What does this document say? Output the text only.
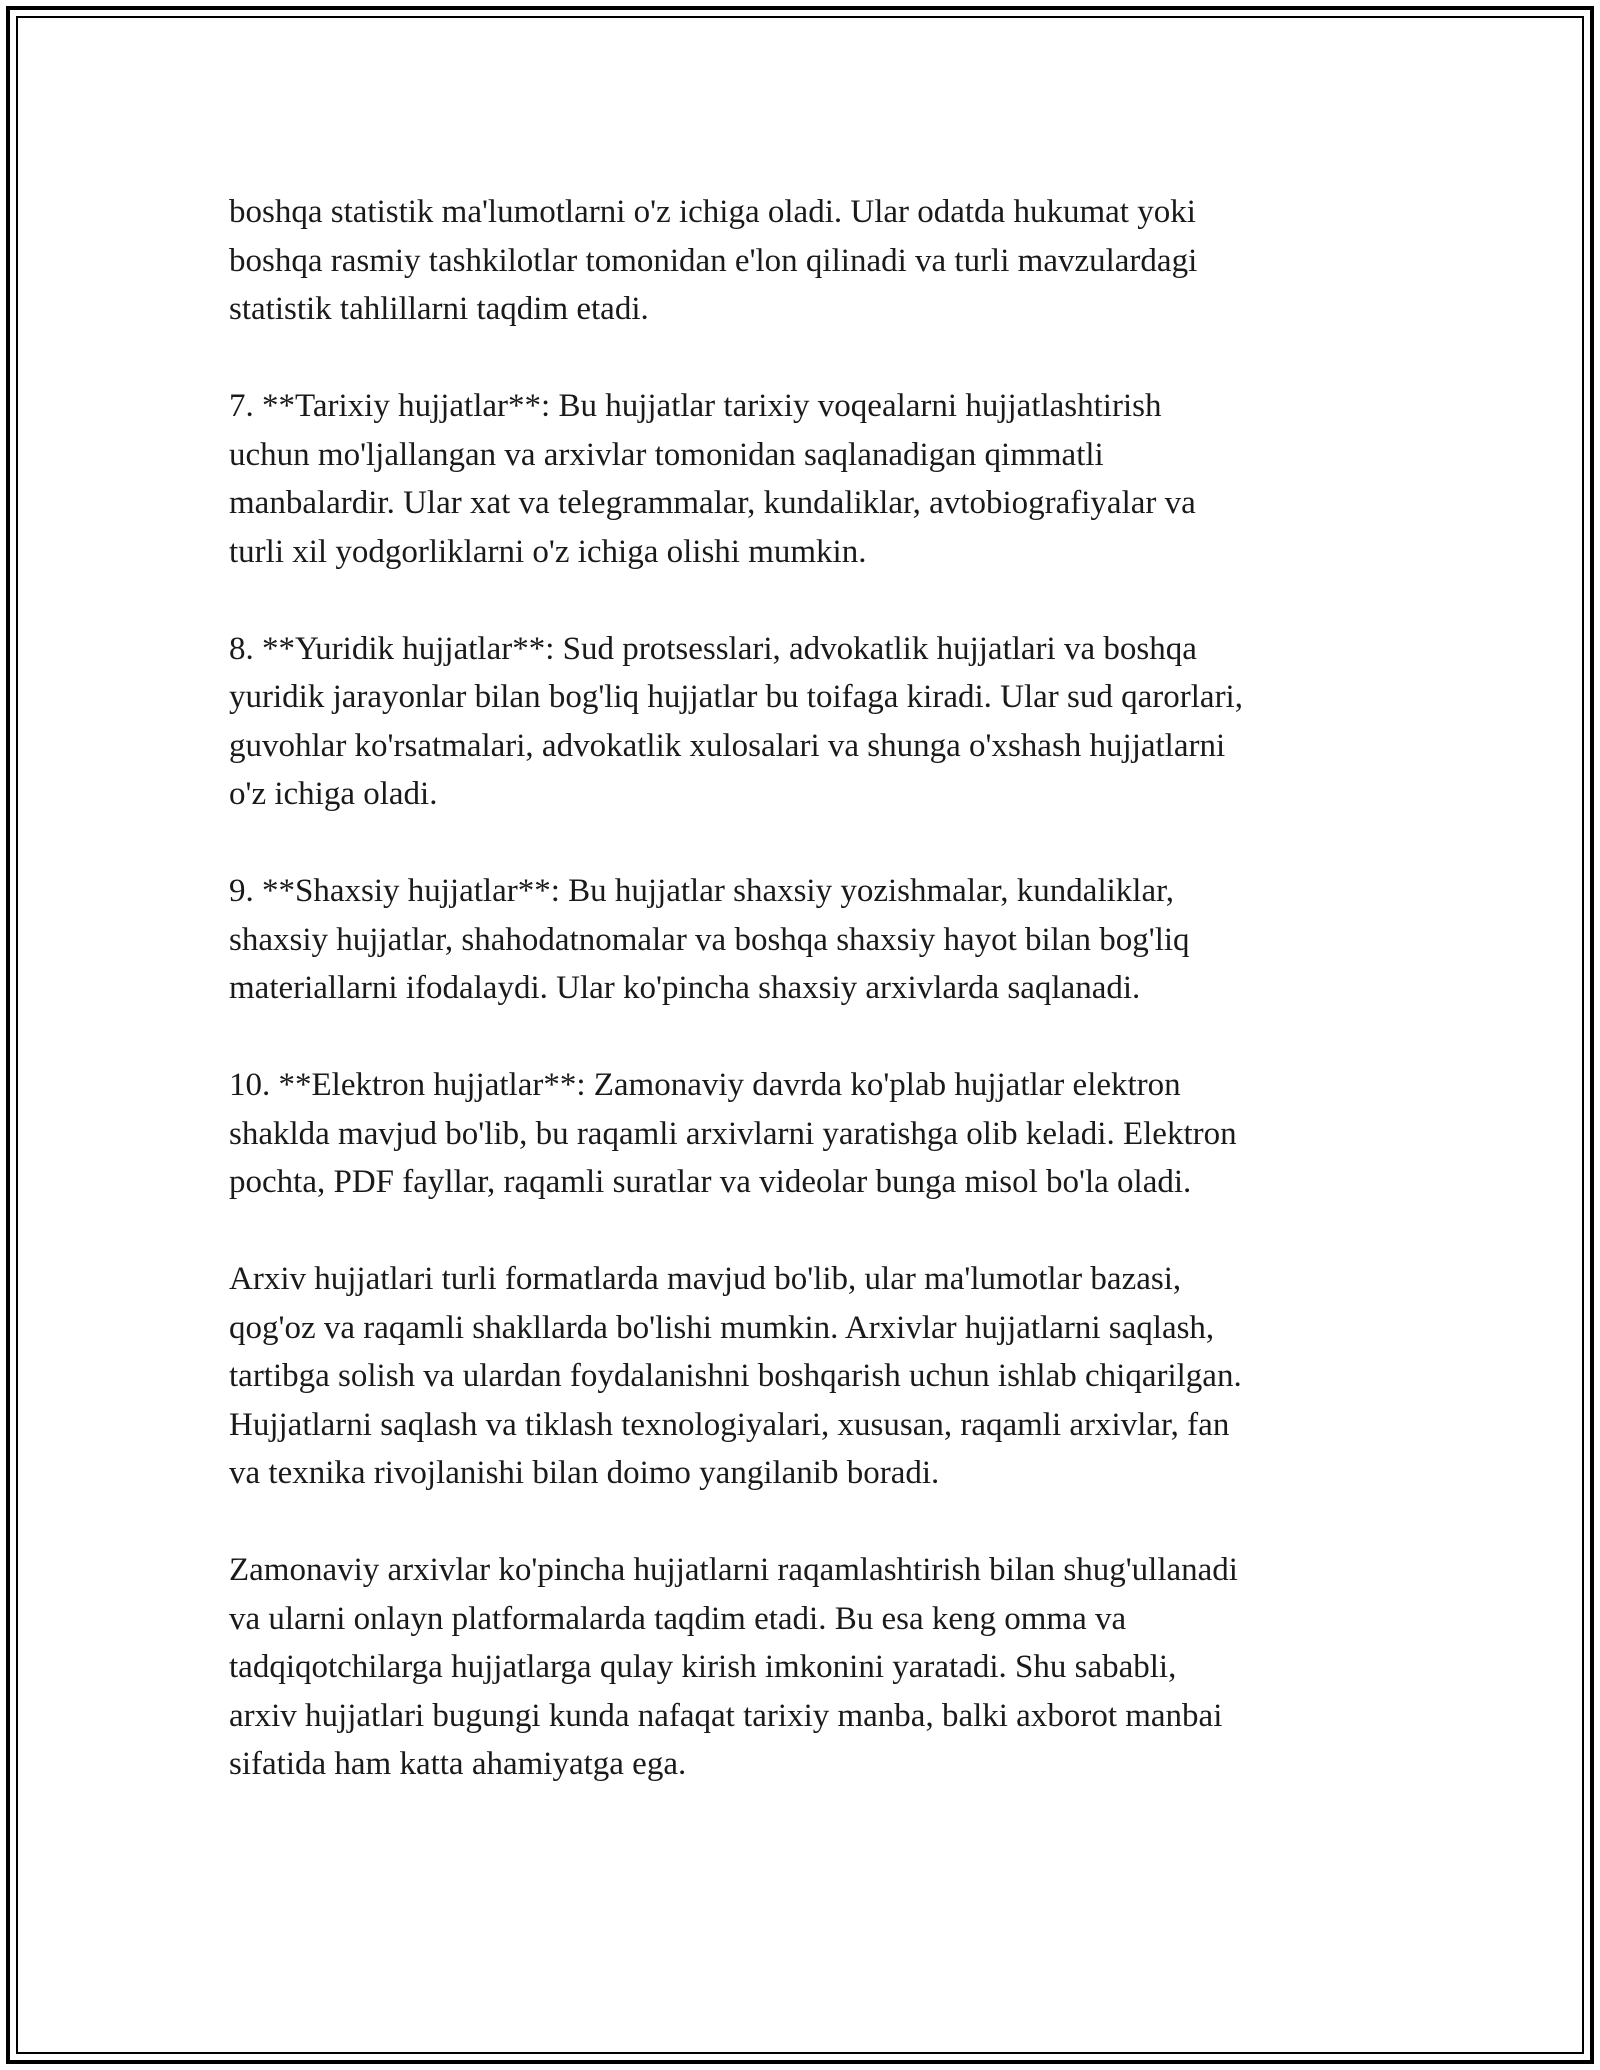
boshqa statistik ma'lumotlarni o'z ichiga oladi. Ular odatda hukumat yoki
boshqa rasmiy tashkilotlar tomonidan e'lon qilinadi va turli mavzulardagi
statistik tahlillarni taqdim etadi.

7. **Tarixiy hujjatlar**: Bu hujjatlar tarixiy voqealarni hujjatlashtirish
uchun mo'ljallangan va arxivlar tomonidan saqlanadigan qimmatli
manbalardir. Ular xat va telegrammalar, kundaliklar, avtobiografiyalar va
turli xil yodgorliklarni o'z ichiga olishi mumkin.

8. **Yuridik hujjatlar**: Sud protsesslari, advokatlik hujjatlari va boshqa
yuridik jarayonlar bilan bog'liq hujjatlar bu toifaga kiradi. Ular sud qarorlari,
guvohlar ko'rsatmalari, advokatlik xulosalari va shunga o'xshash hujjatlarni
o'z ichiga oladi.

9. **Shaxsiy hujjatlar**: Bu hujjatlar shaxsiy yozishmalar, kundaliklar,
shaxsiy hujjatlar, shahodatnomalar va boshqa shaxsiy hayot bilan bog'liq
materiallarni ifodalaydi. Ular ko'pincha shaxsiy arxivlarda saqlanadi.

10. **Elektron hujjatlar**: Zamonaviy davrda ko'plab hujjatlar elektron
shaklda mavjud bo'lib, bu raqamli arxivlarni yaratishga olib keladi. Elektron
pochta, PDF fayllar, raqamli suratlar va videolar bunga misol bo'la oladi.

Arxiv hujjatlari turli formatlarda mavjud bo'lib, ular ma'lumotlar bazasi,
qog'oz va raqamli shakllarda bo'lishi mumkin. Arxivlar hujjatlarni saqlash,
tartibga solish va ulardan foydalanishni boshqarish uchun ishlab chiqarilgan.
Hujjatlarni saqlash va tiklash texnologiyalari, xususan, raqamli arxivlar, fan
va texnika rivojlanishi bilan doimo yangilanib boradi.

Zamonaviy arxivlar ko'pincha hujjatlarni raqamlashtirish bilan shug'ullanadi
va ularni onlayn platformalarda taqdim etadi. Bu esa keng omma va
tadqiqotchilarga hujjatlarga qulay kirish imkonini yaratadi. Shu sababli,
arxiv hujjatlari bugungi kunda nafaqat tarixiy manba, balki axborot manbai
sifatida ham katta ahamiyatga ega.
